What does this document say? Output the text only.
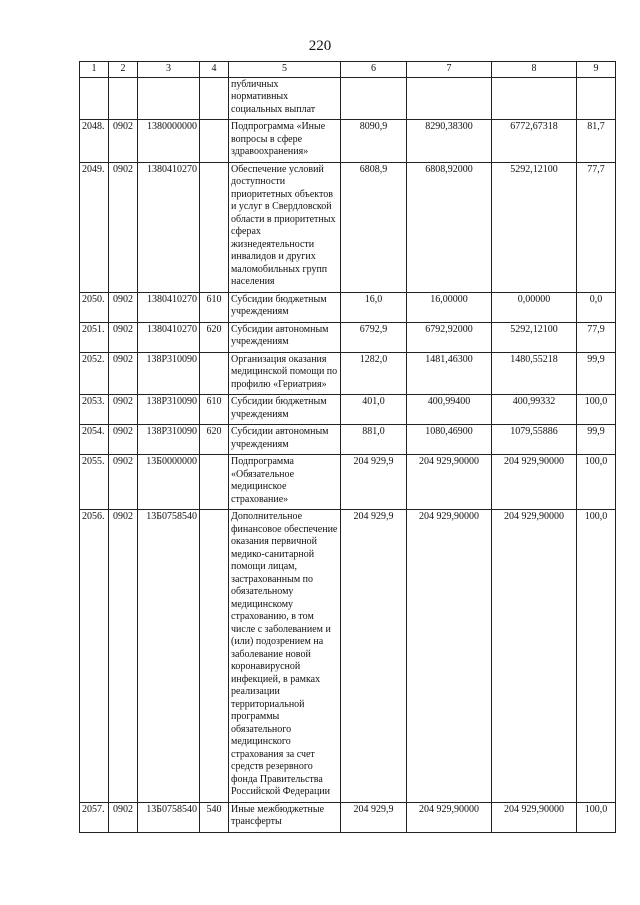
220
1	2	3	4	5	6	7	8	9
				публичных нормативных социальных выплат				
2048.	0902	1380000000		Подпрограмма «Иные вопросы в сфере здравоохранения»	8090,9	8290,38300	6772,67318	81,7
2049.	0902	1380410270		Обеспечение условий доступности приоритетных объектов и услуг в Свердловской области в приоритетных сферах жизнедеятельности инвалидов и других маломобильных групп населения	6808,9	6808,92000	5292,12100	77,7
2050.	0902	1380410270	610	Субсидии бюджетным учреждениям	16,0	16,00000	0,00000	0,0
2051.	0902	1380410270	620	Субсидии автономным учреждениям	6792,9	6792,92000	5292,12100	77,9
2052.	0902	138Р310090		Организация оказания медицинской помощи по профилю «Гериатрия»	1282,0	1481,46300	1480,55218	99,9
2053.	0902	138Р310090	610	Субсидии бюджетным учреждениям	401,0	400,99400	400,99332	100,0
2054.	0902	138Р310090	620	Субсидии автономным учреждениям	881,0	1080,46900	1079,55886	99,9
2055.	0902	13Б0000000		Подпрограмма «Обязательное медицинское страхование»	204 929,9	204 929,90000	204 929,90000	100,0
2056.	0902	13Б0758540		Дополнительное финансовое обеспечение оказания первичной медико-санитарной помощи лицам, застрахованным по обязательному медицинскому страхованию, в том числе с заболеванием и (или) подозрением на заболевание новой коронавирусной инфекцией, в рамках реализации территориальной программы обязательного медицинского страхования за счет средств резервного фонда Правительства Российской Федерации	204 929,9	204 929,90000	204 929,90000	100,0
2057.	0902	13Б0758540	540	Иные межбюджетные трансферты	204 929,9	204 929,90000	204 929,90000	100,0
